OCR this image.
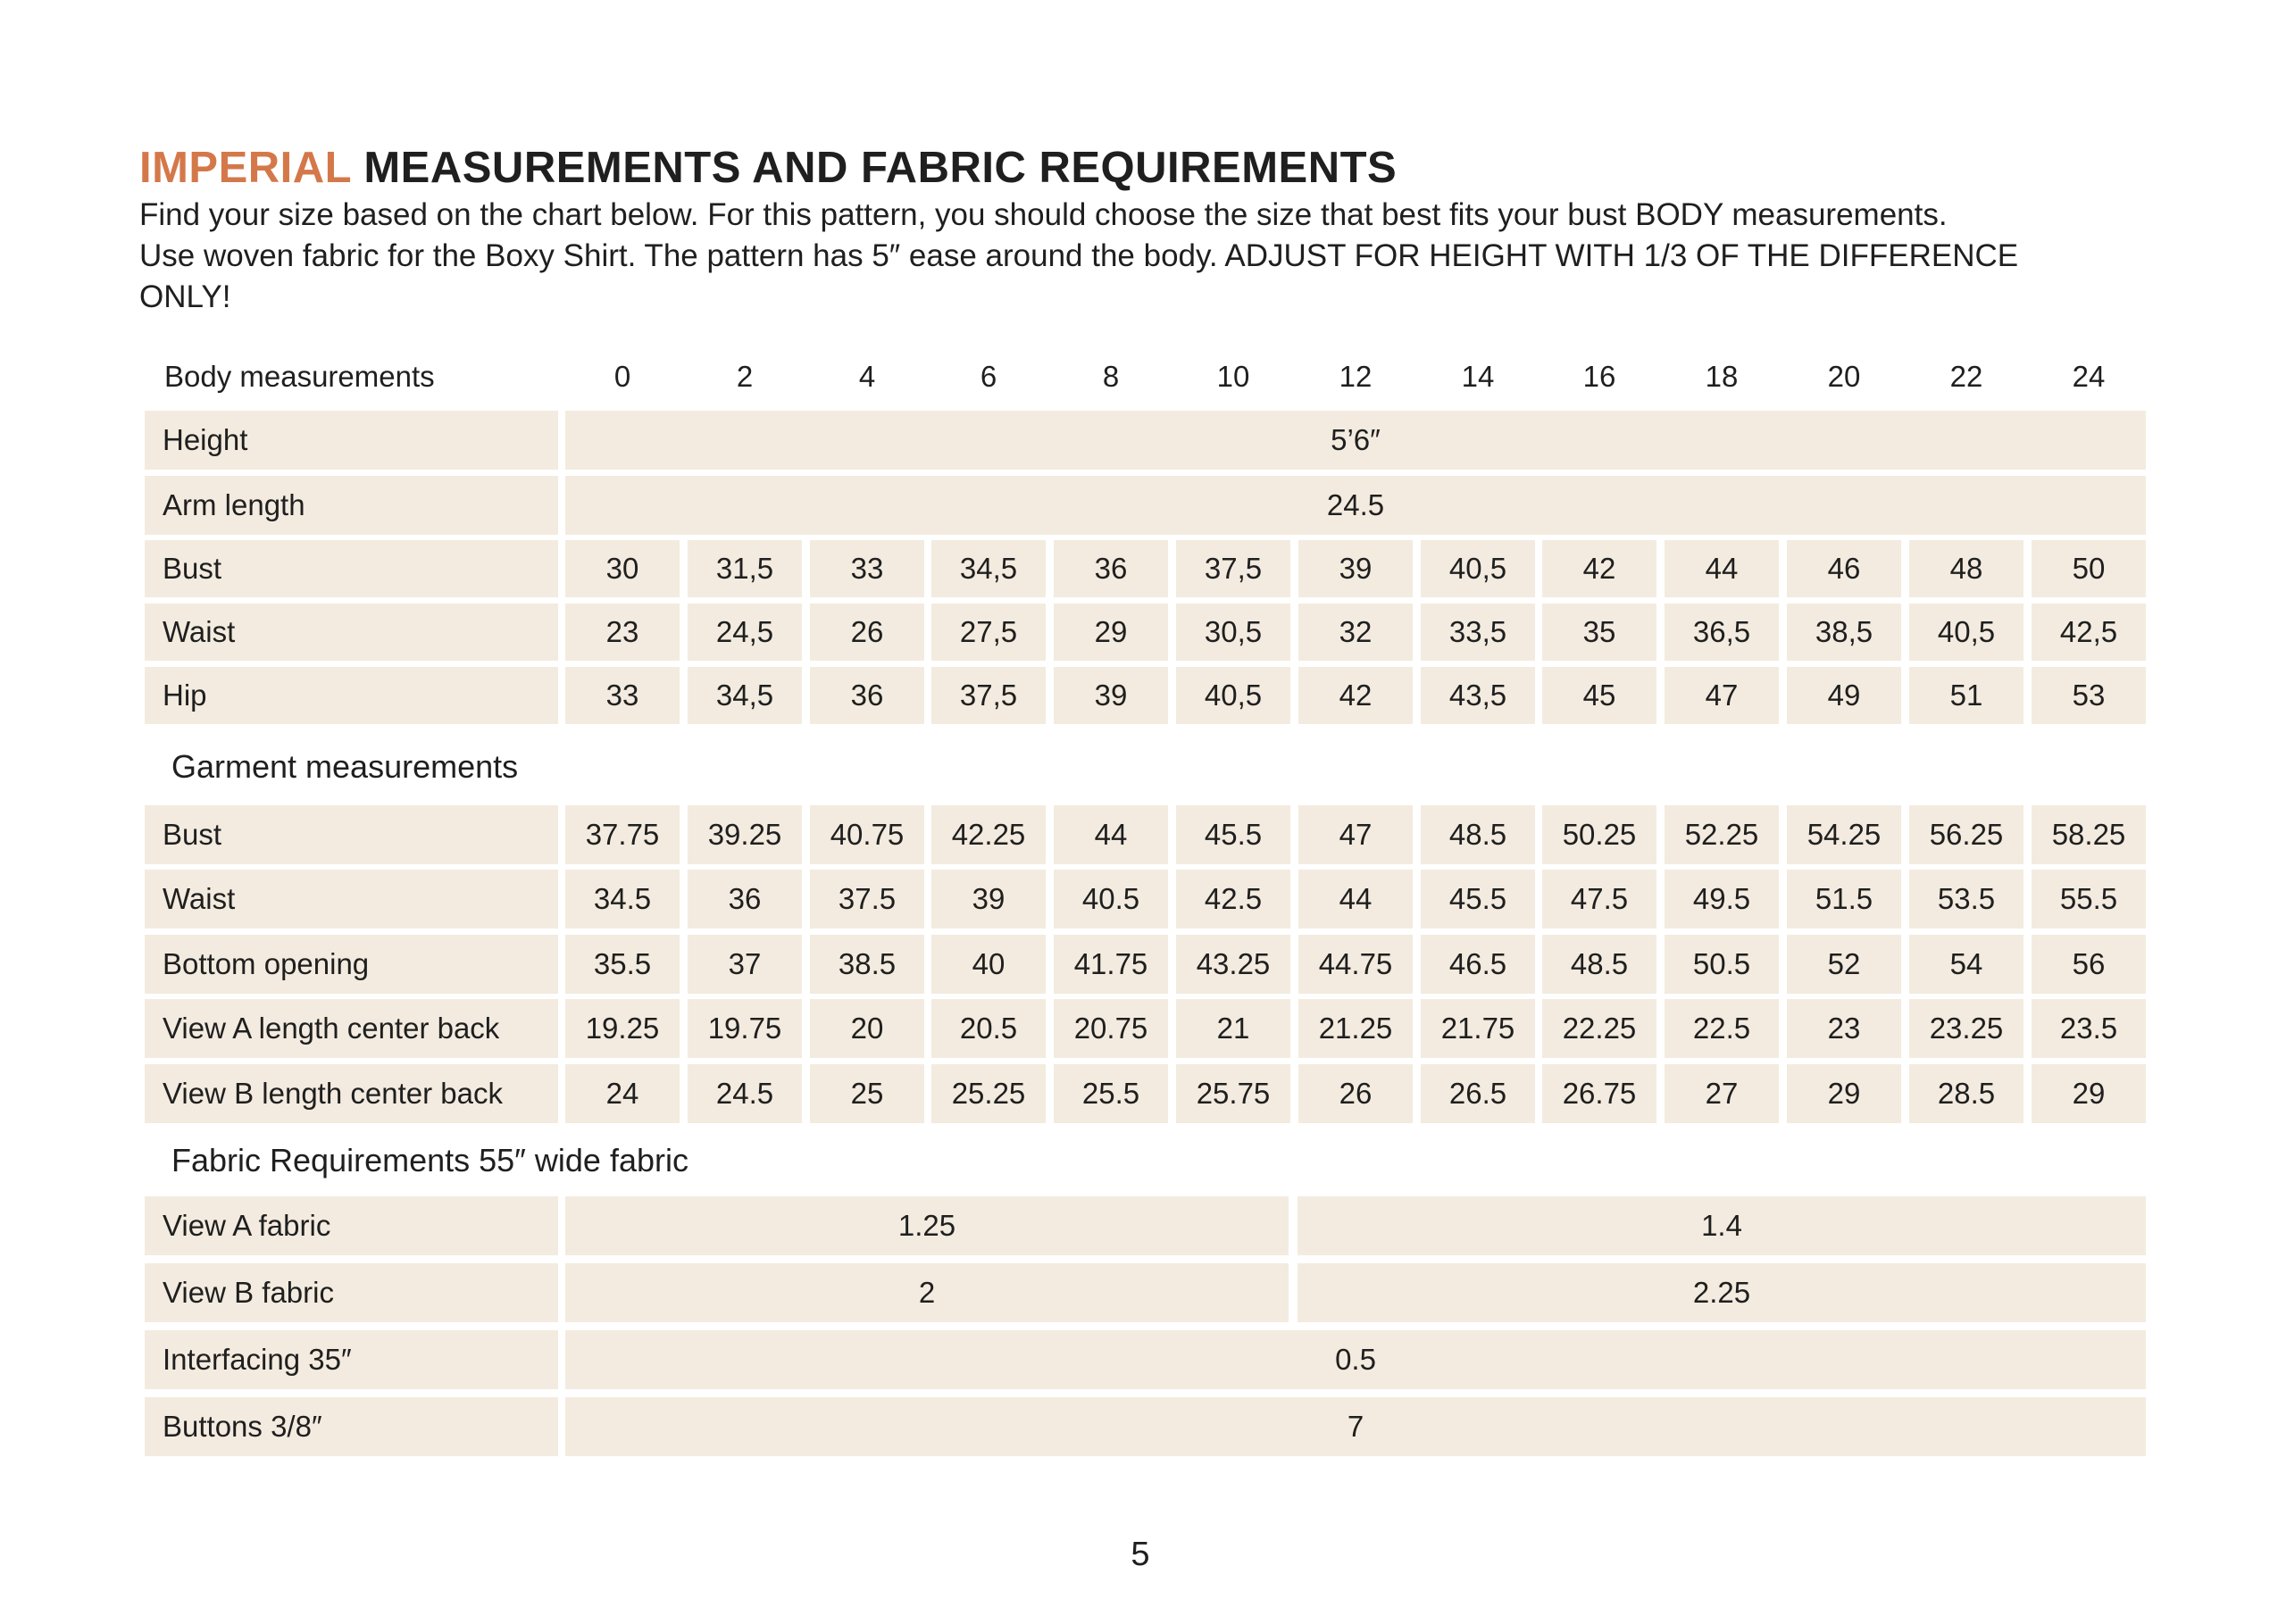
IMPERIAL MEASUREMENTS AND FABRIC REQUIREMENTS

Find your size based on the chart below. For this pattern, you should choose the size that best fits your bust BODY measurements.

Use woven fabric for the Boxy Shirt. The pattern has 5″ ease around the body. ADJUST FOR HEIGHT WITH 1/3 OF THE DIFFERENCE

ONLY!

Body measurements
Garment measurements
Fabric Requirements 55″ wide fabric
0	2	4	6	8	10	12	14	16	18	20	22	24
Height	5’6″
Arm length	24.5
Bust	30	31,5	33	34,5	36	37,5	39	40,5	42	44	46	48	50
Waist	23	24,5	26	27,5	29	30,5	32	33,5	35	36,5	38,5	40,5	42,5
Hip	33	34,5	36	37,5	39	40,5	42	43,5	45	47	49	51	53
Bust	37.75	39.25	40.75	42.25	44	45.5	47	48.5	50.25	52.25	54.25	56.25	58.25
Waist	34.5	36	37.5	39	40.5	42.5	44	45.5	47.5	49.5	51.5	53.5	55.5
Bottom opening	35.5	37	38.5	40	41.75	43.25	44.75	46.5	48.5	50.5	52	54	56
View A length center back	19.25	19.75	20	20.5	20.75	21	21.25	21.75	22.25	22.5	23	23.25	23.5
View B length center back	24	24.5	25	25.25	25.5	25.75	26	26.5	26.75	27	29	28.5	29
View A fabric	1.25	1.4
View B fabric	2	2.25
Interfacing 35″	0.5
Buttons 3/8″	7
5
